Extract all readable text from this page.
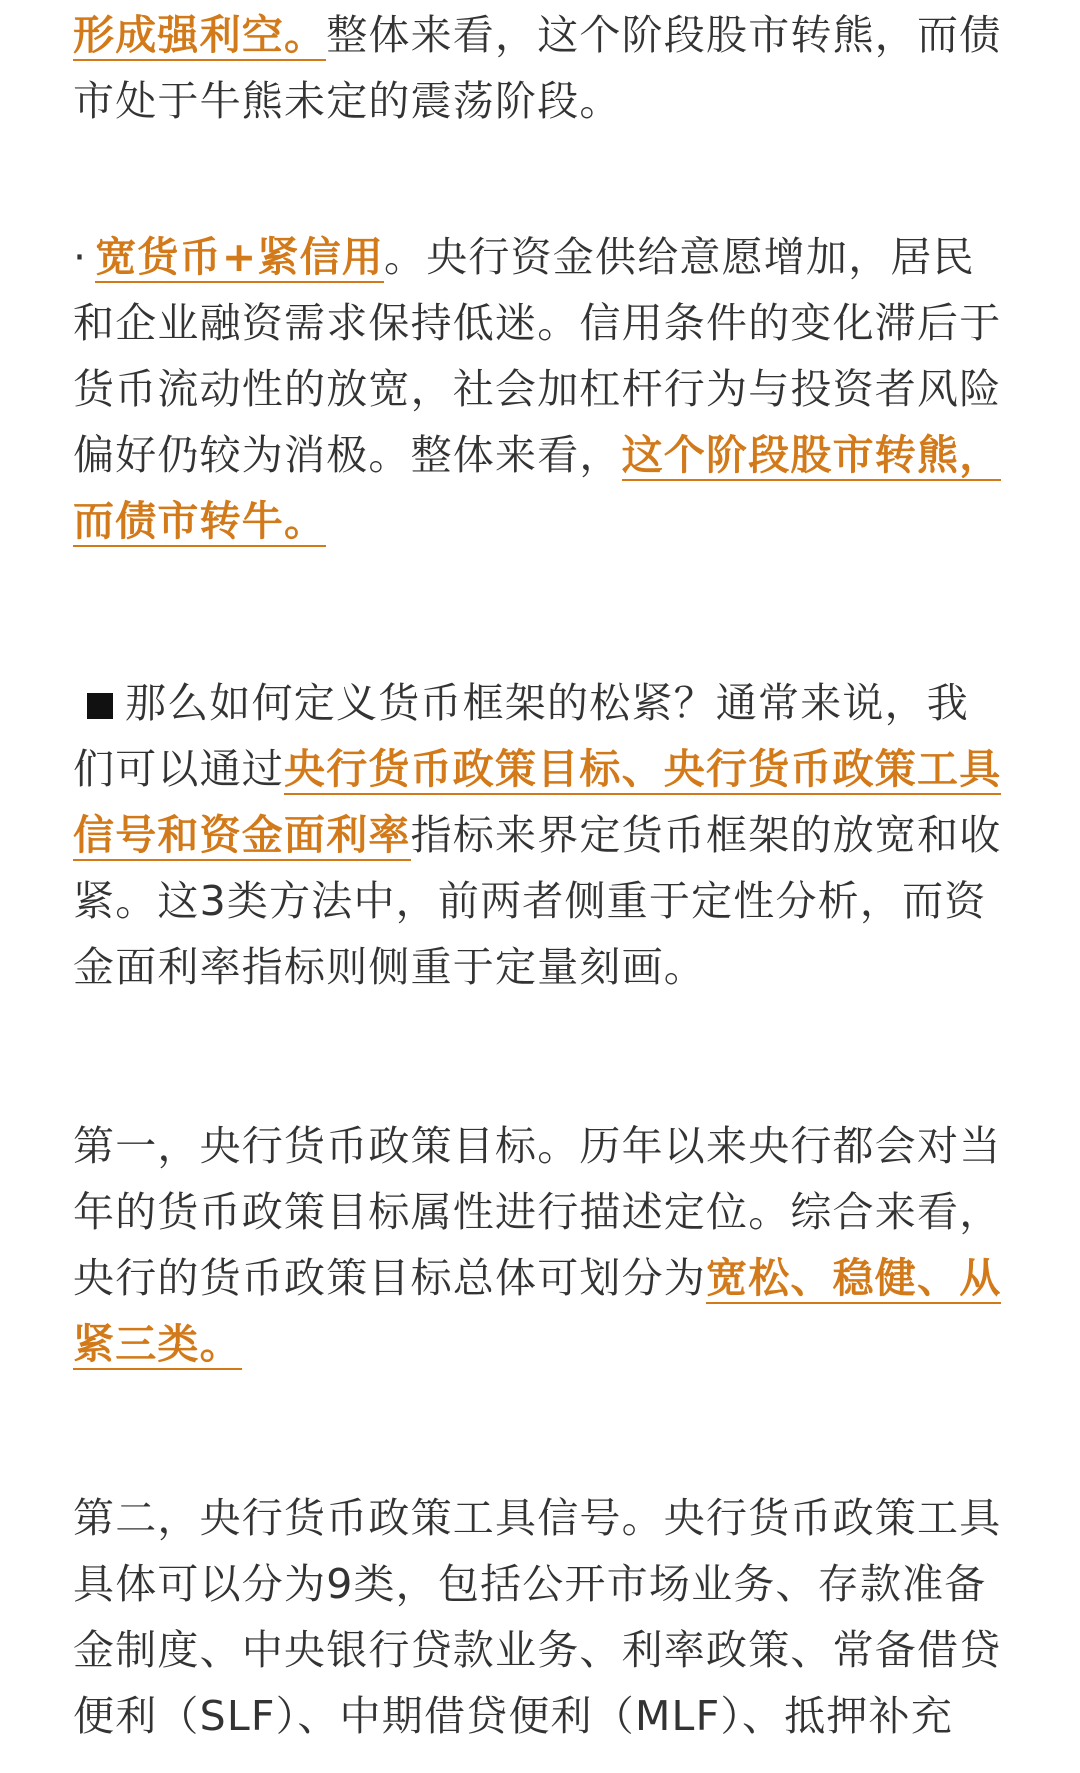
形成强利空。整体来看，这个阶段股市转熊，而债市处于牛熊未定的震荡阶段。

· 宽货币+紧信用。央行资金供给意愿增加，居民和企业融资需求保持低迷。信用条件的变化滞后于货币流动性的放宽，社会加杠杆行为与投资者风险偏好仍较为消极。整体来看，这个阶段股市转熊，而债市转牛。

那么如何定义货币框架的松紧？通常来说，我们可以通过央行货币政策目标、央行货币政策工具信号和资金面利率指标来界定货币框架的放宽和收紧。这3类方法中，前两者侧重于定性分析，而资金面利率指标则侧重于定量刻画。

第一，央行货币政策目标。历年以来央行都会对当年的货币政策目标属性进行描述定位。综合来看，央行的货币政策目标总体可划分为宽松、稳健、从紧三类。

第二，央行货币政策工具信号。央行货币政策工具具体可以分为9类，包括公开市场业务、存款准备金制度、中央银行贷款业务、利率政策、常备借贷便利（SLF）、中期借贷便利（MLF）、抵押补充
